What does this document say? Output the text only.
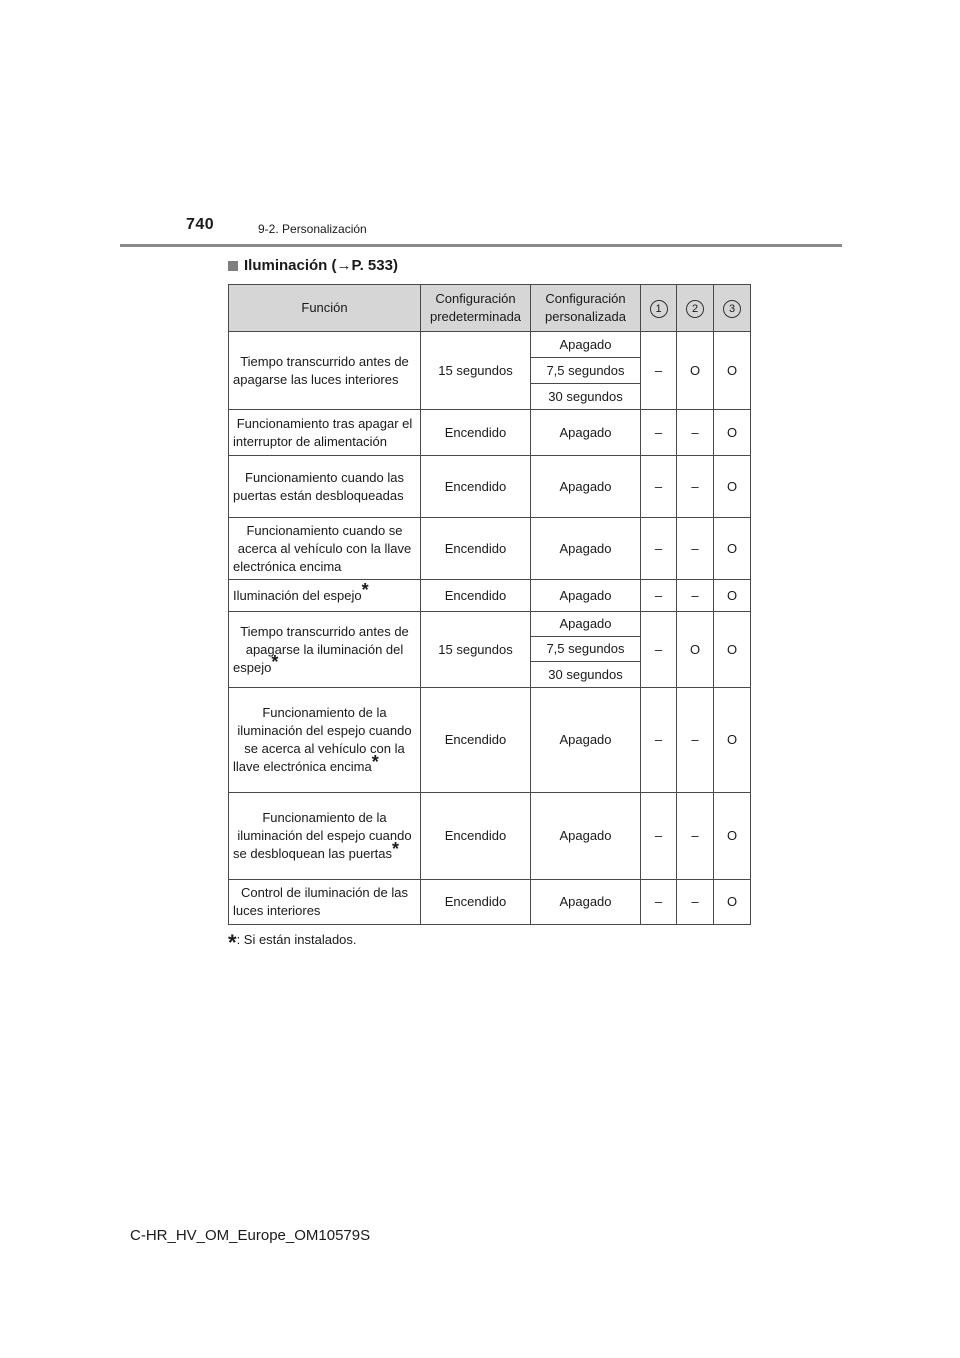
740	9-2. Personalización
Iluminación (→P. 533)
Función	Configuración predeterminada	Configuración personalizada	1	2	3
Tiempo transcurrido antes de apagarse las luces interiores	15 segundos	Apagado	–	O	O
		7,5 segundos			
		30 segundos			
Funcionamiento tras apagar el interruptor de alimentación	Encendido	Apagado	–	–	O
Funcionamiento cuando las puertas están desbloqueadas	Encendido	Apagado	–	–	O
Funcionamiento cuando se acerca al vehículo con la llave electrónica encima	Encendido	Apagado	–	–	O
Iluminación del espejo*	Encendido	Apagado	–	–	O
Tiempo transcurrido antes de apagarse la iluminación del espejo*	15 segundos	Apagado	–	O	O
		7,5 segundos			
		30 segundos			
Funcionamiento de la iluminación del espejo cuando se acerca al vehículo con la llave electrónica encima*	Encendido	Apagado	–	–	O
Funcionamiento de la iluminación del espejo cuando se desbloquean las puertas*	Encendido	Apagado	–	–	O
Control de iluminación de las luces interiores	Encendido	Apagado	–	–	O
*: Si están instalados.
C-HR_HV_OM_Europe_OM10579S
